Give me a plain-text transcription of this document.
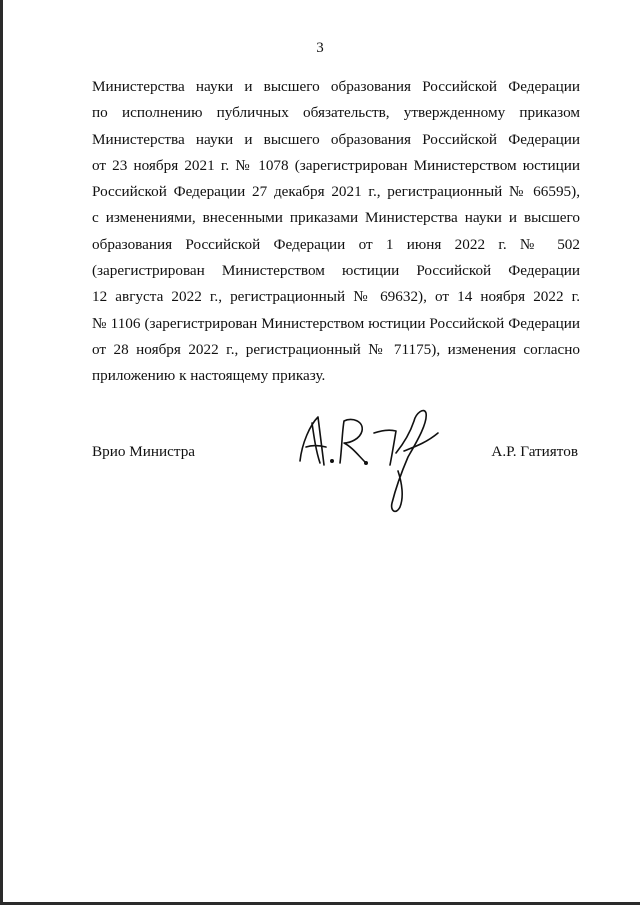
3
Министерства науки и высшего образования Российской Федерации
по исполнению публичных обязательств, утвержденному приказом
Министерства науки и высшего образования Российской Федерации
от 23 ноября 2021 г. № 1078 (зарегистрирован Министерством юстиции
Российской Федерации 27 декабря 2021 г., регистрационный № 66595),
с изменениями, внесенными приказами Министерства науки и высшего
образования Российской Федерации от 1 июня 2022 г. № 502
(зарегистрирован Министерством юстиции Российской Федерации
12 августа 2022 г., регистрационный № 69632), от 14 ноября 2022 г.
№ 1106 (зарегистрирован Министерством юстиции Российской Федерации
от 28 ноября 2022 г., регистрационный № 71175), изменения согласно
приложению к настоящему приказу.
Врио Министра	А.Р. Гатиятов
